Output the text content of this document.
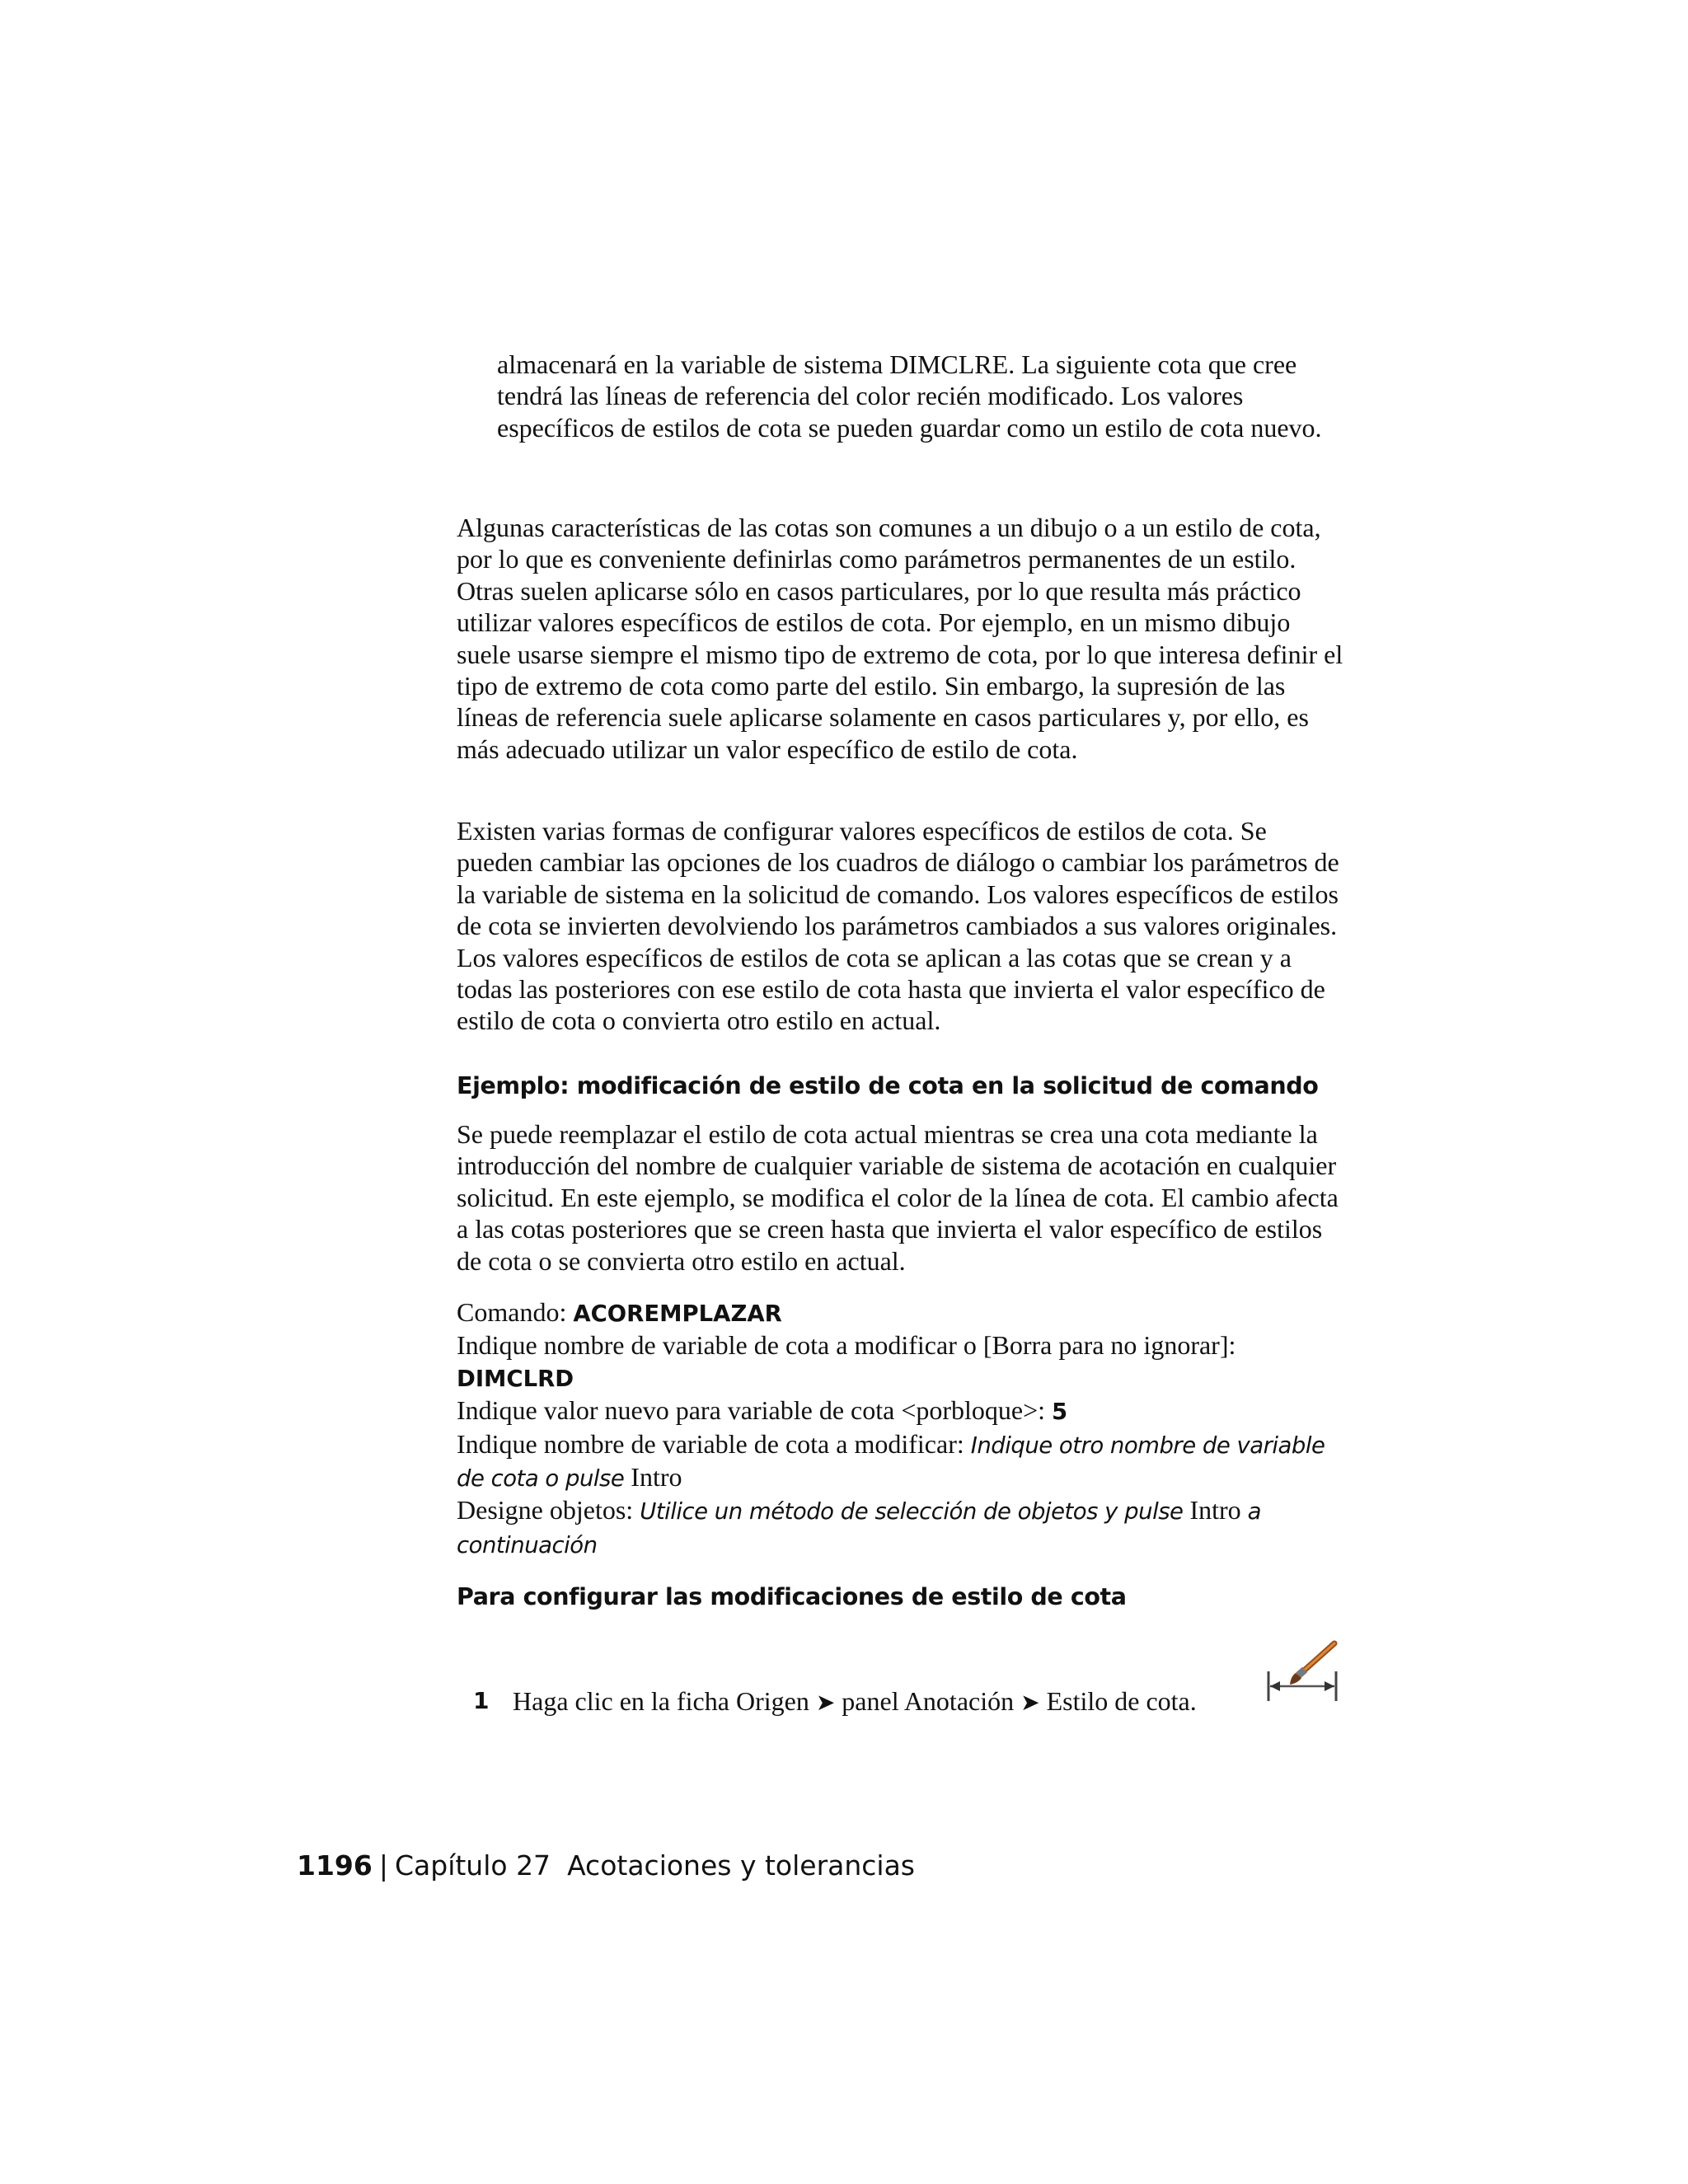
almacenará en la variable de sistema DIMCLRE. La siguiente cota que cree tendrá las líneas de referencia del color recién modificado. Los valores específicos de estilos de cota se pueden guardar como un estilo de cota nuevo.

Algunas características de las cotas son comunes a un dibujo o a un estilo de cota, por lo que es conveniente definirlas como parámetros permanentes de un estilo. Otras suelen aplicarse sólo en casos particulares, por lo que resulta más práctico utilizar valores específicos de estilos de cota. Por ejemplo, en un mismo dibujo suele usarse siempre el mismo tipo de extremo de cota, por lo que interesa definir el tipo de extremo de cota como parte del estilo. Sin embargo, la supresión de las líneas de referencia suele aplicarse solamente en casos particulares y, por ello, es más adecuado utilizar un valor específico de estilo de cota.

Existen varias formas de configurar valores específicos de estilos de cota. Se pueden cambiar las opciones de los cuadros de diálogo o cambiar los parámetros de la variable de sistema en la solicitud de comando. Los valores específicos de estilos de cota se invierten devolviendo los parámetros cambiados a sus valores originales. Los valores específicos de estilos de cota se aplican a las cotas que se crean y a todas las posteriores con ese estilo de cota hasta que invierta el valor específico de estilo de cota o convierta otro estilo en actual.

Ejemplo: modificación de estilo de cota en la solicitud de comando

Se puede reemplazar el estilo de cota actual mientras se crea una cota mediante la introducción del nombre de cualquier variable de sistema de acotación en cualquier solicitud. En este ejemplo, se modifica el color de la línea de cota. El cambio afecta a las cotas posteriores que se creen hasta que invierta el valor específico de estilos de cota o se convierta otro estilo en actual.

Comando: ACOREMPLAZAR
Indique nombre de variable de cota a modificar o [Borra para no ignorar]: DIMCLRD
Indique valor nuevo para variable de cota <porbloque>: 5
Indique nombre de variable de cota a modificar: Indique otro nombre de variable de cota o pulse Intro
Designe objetos: Utilice un método de selección de objetos y pulse Intro a continuación
Para configurar las modificaciones de estilo de cota
1 Haga clic en la ficha Origen ➤ panel Anotación ➤ Estilo de cota.
1196 | Capítulo 27 Acotaciones y tolerancias
